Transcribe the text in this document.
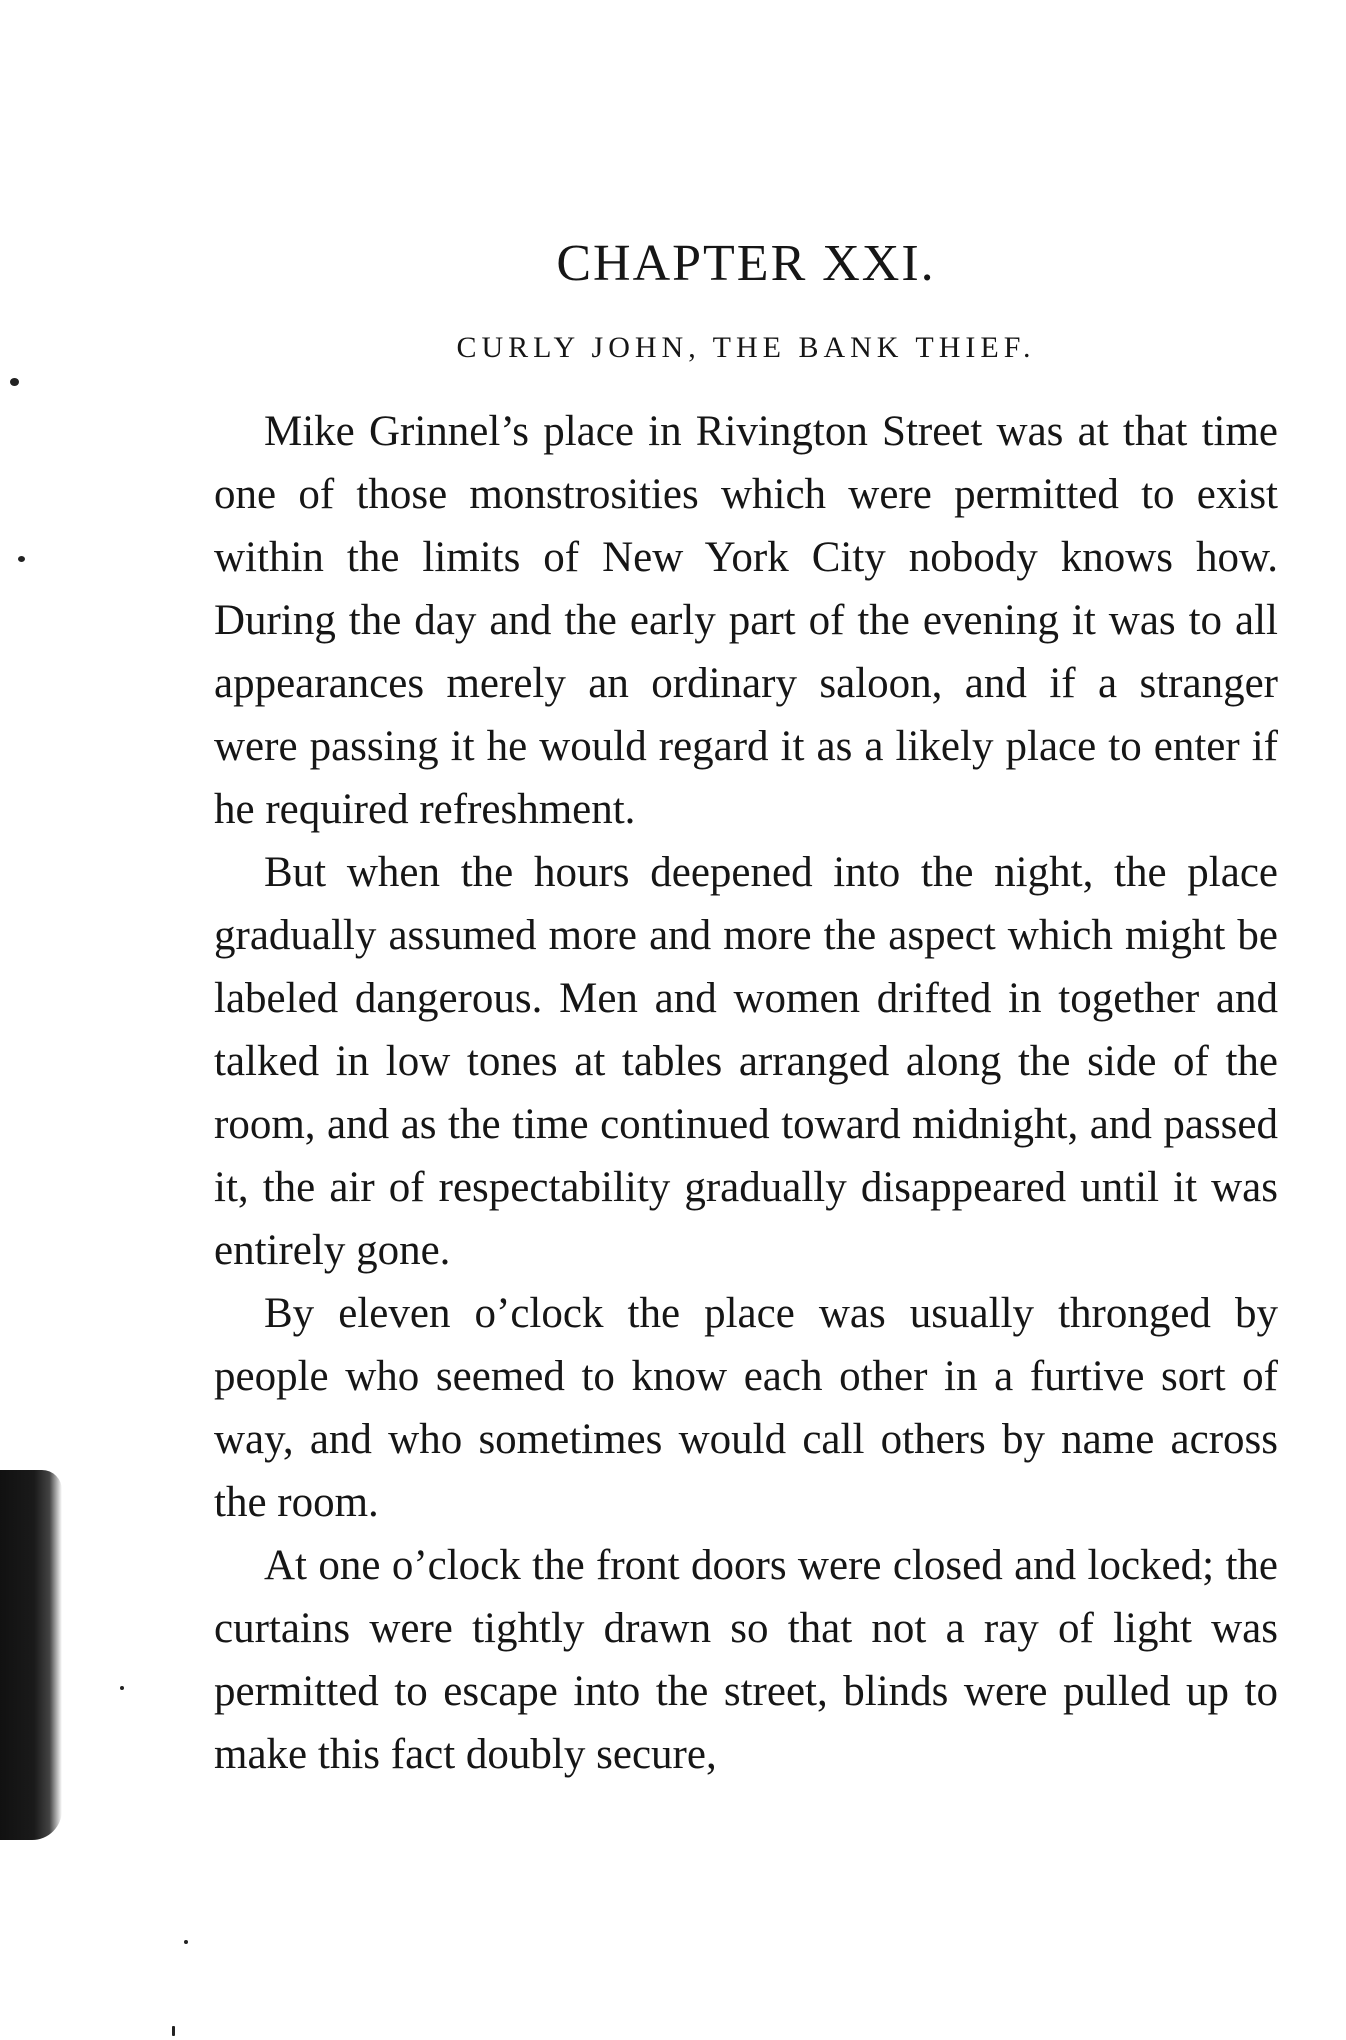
CHAPTER XXI.
CURLY JOHN, THE BANK THIEF.

Mike Grinnel’s place in Rivington Street was at that time one of those monstrosities which were permitted to exist within the limits of New York City nobody knows how. During the day and the early part of the evening it was to all appearances merely an ordinary saloon, and if a stranger were passing it he would regard it as a likely place to enter if he required refreshment.

But when the hours deepened into the night, the place gradually assumed more and more the aspect which might be labeled dangerous. Men and women drifted in together and talked in low tones at tables arranged along the side of the room, and as the time continued toward midnight, and passed it, the air of respectability gradually disappeared until it was entirely gone.

By eleven o’clock the place was usually thronged by people who seemed to know each other in a furtive sort of way, and who sometimes would call others by name across the room.

At one o’clock the front doors were closed and locked; the curtains were tightly drawn so that not a ray of light was permitted to escape into the street, blinds were pulled up to make this fact doubly secure,
